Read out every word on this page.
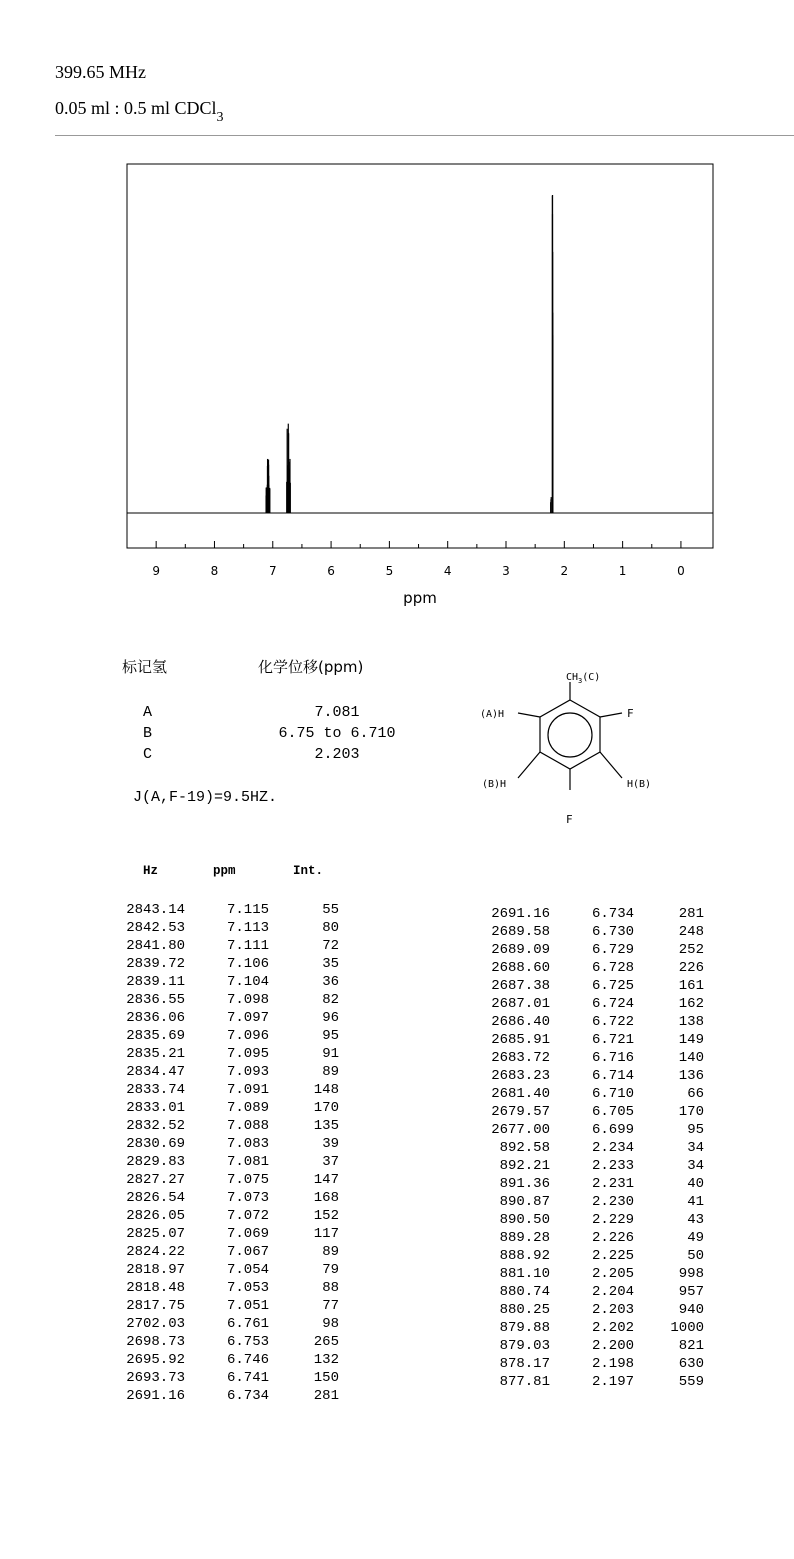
399.65 MHz
0.05 ml : 0.5 ml CDCl$_3$
9	8	7	6	5	4	3	2	1	0
ppm
标记氢	化学位移(ppm)
A	7.081
B	6.75 to 6.710
C	2.203
J(A,F-19)=9.5HZ.
$CH_3(C)$
(A)H	F
(B)H	H(B)
F
Hz	ppm	Int.
2843.14	7.115	55
2842.53	7.113	80
2841.80	7.111	72
2839.72	7.106	35
2839.11	7.104	36
2836.55	7.098	82
2836.06	7.097	96
2835.69	7.096	95
2835.21	7.095	91
2834.47	7.093	89
2833.74	7.091	148
2833.01	7.089	170
2832.52	7.088	135
2830.69	7.083	39
2829.83	7.081	37
2827.27	7.075	147
2826.54	7.073	168
2826.05	7.072	152
2825.07	7.069	117
2824.22	7.067	89
2818.97	7.054	79
2818.48	7.053	88
2817.75	7.051	77
2702.03	6.761	98
2698.73	6.753	265
2695.92	6.746	132
2693.73	6.741	150
2691.16	6.734	281
2691.16	6.734	281
2689.58	6.730	248
2689.09	6.729	252
2688.60	6.728	226
2687.38	6.725	161
2687.01	6.724	162
2686.40	6.722	138
2685.91	6.721	149
2683.72	6.716	140
2683.23	6.714	136
2681.40	6.710	66
2679.57	6.705	170
2677.00	6.699	95
892.58	2.234	34
892.21	2.233	34
891.36	2.231	40
890.87	2.230	41
890.50	2.229	43
889.28	2.226	49
888.92	2.225	50
881.10	2.205	998
880.74	2.204	957
880.25	2.203	940
879.88	2.202	1000
879.03	2.200	821
878.17	2.198	630
877.81	2.197	559
